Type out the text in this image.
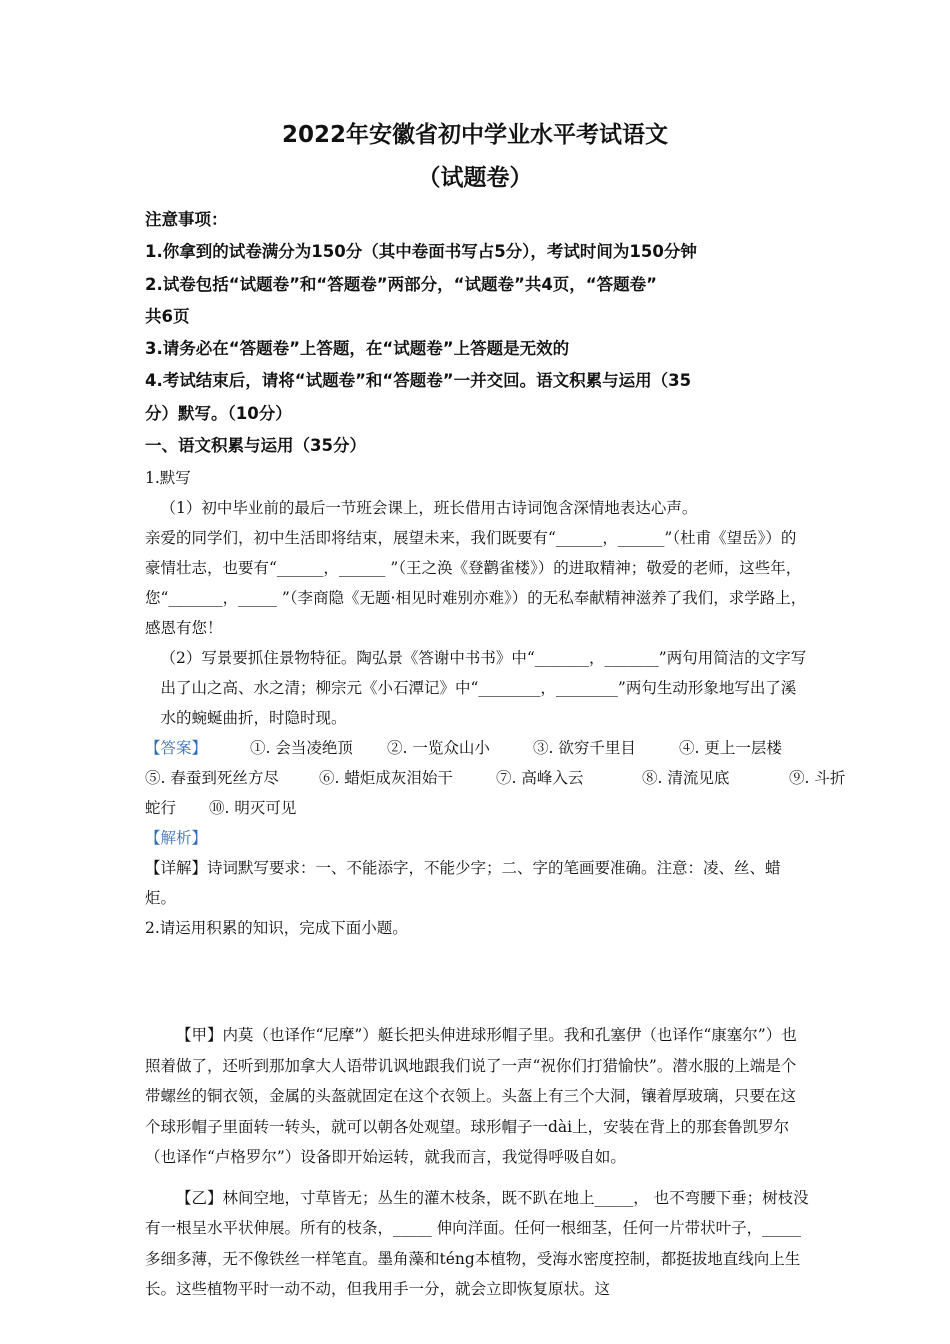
2022年安徽省初中学业水平考试语文
（试题卷）
注意事项：
1.你拿到的试卷满分为150分（其中卷面书写占5分），考试时间为150分钟
2.试卷包括“试题卷”和“答题卷”两部分，“试题卷”共4页，“答题卷”
共6页
3.请务必在“答题卷”上答题，在“试题卷”上答题是无效的
4.考试结束后，请将“试题卷”和“答题卷”一并交回。语文积累与运用（35
分）默写。（10分）
一、语文积累与运用（35分）

1.默写

（1）初中毕业前的最后一节班会课上，班长借用古诗词饱含深情地表达心声。

亲爱的同学们，初中生活即将结束，展望未来，我们既要有“______，______”（杜甫《望岳》）的豪情壮志，也要有“______，______ ”（王之涣《登鹳雀楼》）的进取精神；敬爱的老师，这些年，您“_______，_____ ”（李商隐《无题·相见时难别亦难》）的无私奉献精神滋养了我们，求学路上，感恩有您！

（2）写景要抓住景物特征。陶弘景《答谢中书书》中“_______，_______”两句用简洁的文字写出了山之高、水之清；柳宗元《小石潭记》中“________，________”两句生动形象地写出了溪水的蜿蜒曲折，时隐时现。

【答案】	①. 会当凌绝顶 ②. 一览众山小	③. 欲穷千里目	④. 更上一层楼
⑤. 春蚕到死丝方尽	⑥. 蜡炬成灰泪始干	⑦. 高峰入云	⑧. 清流见底	⑨. 斗折
蛇行 ⑩. 明灭可见

【解析】

【详解】诗词默写要求：一、不能添字，不能少字；二、字的笔画要准确。注意：凌、丝、蜡炬。

2.请运用积累的知识，完成下面小题。

【甲】内莫（也译作“尼摩”）艇长把头伸进球形帽子里。我和孔塞伊（也译作“康塞尔”）也照着做了，还听到那加拿大人语带讥讽地跟我们说了一声“祝你们打猎愉快”。潜水服的上端是个带螺丝的铜衣领，金属的头盔就固定在这个衣领上。头盔上有三个大洞，镶着厚玻璃，只要在这个球形帽子里面转一转头，就可以朝各处观望。球形帽子一dài上，安装在背上的那套鲁凯罗尔（也译作“卢格罗尔”）设备即开始运转，就我而言，我觉得呼吸自如。

【乙】林间空地，寸草皆无；丛生的灌木枝条，既不趴在地上_____， 也不弯腰下垂；树枝没有一根呈水平状伸展。所有的枝条，_____ 伸向洋面。任何一根细茎，任何一片带状叶子，_____多细多薄，无不像铁丝一样笔直。墨角藻和téng本植物，受海水密度控制，都挺拔地直线向上生长。这些植物平时一动不动，但我用手一分，就会立即恢复原状。这
